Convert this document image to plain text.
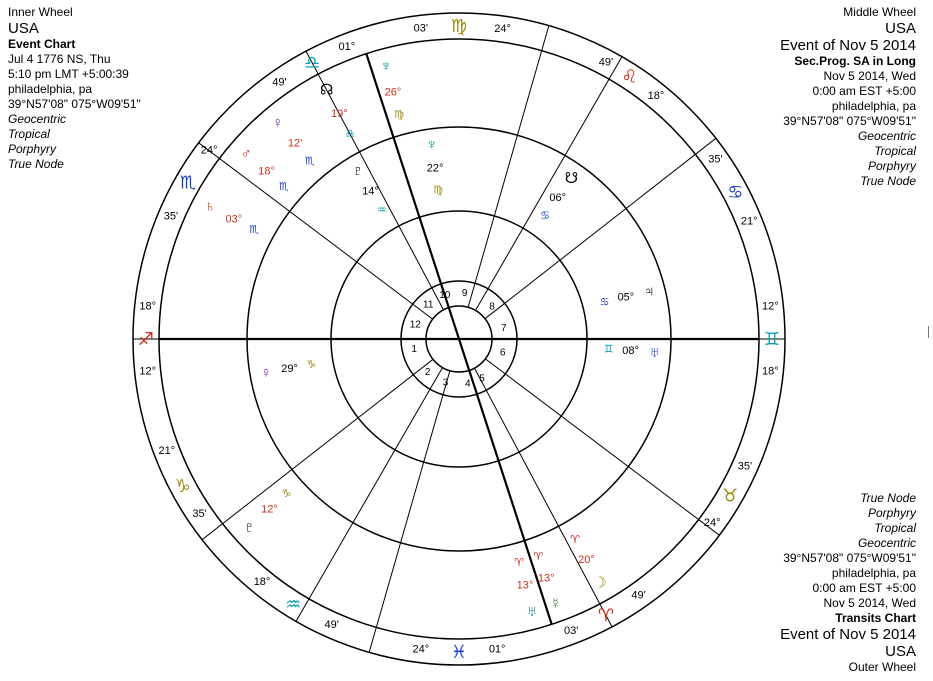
Inner Wheel
USA
Event Chart
Jul 4 1776 NS, Thu
5:10 pm LMT +5:00:39
philadelphia, pa
39°N57'08" 075°W09'51"
Geocentric
Tropical
Porphyry
True Node
Middle Wheel
USA
Event of Nov 5 2014
Sec.Prog. SA in Long
Nov 5 2014, Wed
0:00 am EST +5:00
philadelphia, pa
39°N57'08" 075°W09'51"
Geocentric
Tropical
Porphyry
True Node
True Node
Porphyry
Tropical
Geocentric
39°N57'08" 075°W09'51"
philadelphia, pa
0:00 am EST +5:00
Nov 5 2014, Wed
Transits Chart
Event of Nov 5 2014
USA
Outer Wheel
♍
♌
♋
♊
♉
♈
♓
♒
♑
♐
♏
♎
03'	24°
49'
18°
35'
21°
12°
18°
35'
24°
49'
03'
01°
24°
49'
18°
35'
21°
12°
18°
35'
24°
49'
01°
1
2
3 4 5
6
7
8
9
10
11
12
☊
19°
♎
♀
12'
♏
♂
18°
♏
♄
03°
♏
♆
26°
♍
♅
13°
♈
☿
13°
♈
☽
20°
♈
♇
12°
♑
♇
14°
♒
♆
22°
♍
☋
06°
♋
♅
08°
♊
♃
05°
♋
♀ 29° ♑
